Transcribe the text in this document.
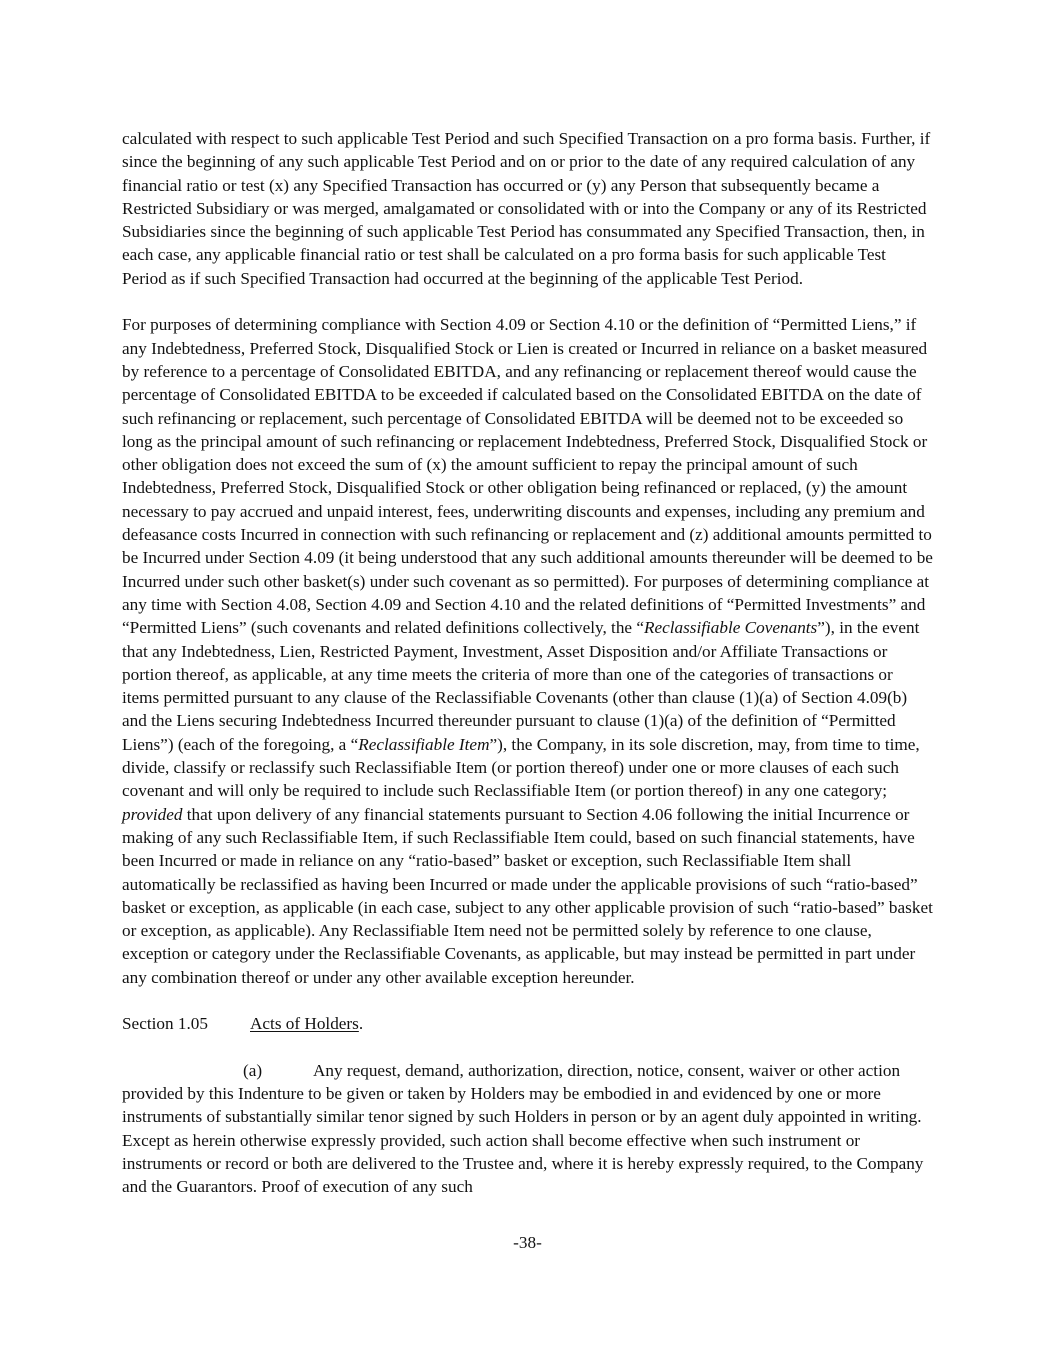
calculated with respect to such applicable Test Period and such Specified Transaction on a pro forma basis. Further, if since the beginning of any such applicable Test Period and on or prior to the date of any required calculation of any financial ratio or test (x) any Specified Transaction has occurred or (y) any Person that subsequently became a Restricted Subsidiary or was merged, amalgamated or consolidated with or into the Company or any of its Restricted Subsidiaries since the beginning of such applicable Test Period has consummated any Specified Transaction, then, in each case, any applicable financial ratio or test shall be calculated on a pro forma basis for such applicable Test Period as if such Specified Transaction had occurred at the beginning of the applicable Test Period.

For purposes of determining compliance with Section 4.09 or Section 4.10 or the definition of “Permitted Liens,” if any Indebtedness, Preferred Stock, Disqualified Stock or Lien is created or Incurred in reliance on a basket measured by reference to a percentage of Consolidated EBITDA, and any refinancing or replacement thereof would cause the percentage of Consolidated EBITDA to be exceeded if calculated based on the Consolidated EBITDA on the date of such refinancing or replacement, such percentage of Consolidated EBITDA will be deemed not to be exceeded so long as the principal amount of such refinancing or replacement Indebtedness, Preferred Stock, Disqualified Stock or other obligation does not exceed the sum of (x) the amount sufficient to repay the principal amount of such Indebtedness, Preferred Stock, Disqualified Stock or other obligation being refinanced or replaced, (y) the amount necessary to pay accrued and unpaid interest, fees, underwriting discounts and expenses, including any premium and defeasance costs Incurred in connection with such refinancing or replacement and (z) additional amounts permitted to be Incurred under Section 4.09 (it being understood that any such additional amounts thereunder will be deemed to be Incurred under such other basket(s) under such covenant as so permitted). For purposes of determining compliance at any time with Section 4.08, Section 4.09 and Section 4.10 and the related definitions of “Permitted Investments” and “Permitted Liens” (such covenants and related definitions collectively, the “Reclassifiable Covenants”), in the event that any Indebtedness, Lien, Restricted Payment, Investment, Asset Disposition and/or Affiliate Transactions or portion thereof, as applicable, at any time meets the criteria of more than one of the categories of transactions or items permitted pursuant to any clause of the Reclassifiable Covenants (other than clause (1)(a) of Section 4.09(b) and the Liens securing Indebtedness Incurred thereunder pursuant to clause (1)(a) of the definition of “Permitted Liens”) (each of the foregoing, a “Reclassifiable Item”), the Company, in its sole discretion, may, from time to time, divide, classify or reclassify such Reclassifiable Item (or portion thereof) under one or more clauses of each such covenant and will only be required to include such Reclassifiable Item (or portion thereof) in any one category; provided that upon delivery of any financial statements pursuant to Section 4.06 following the initial Incurrence or making of any such Reclassifiable Item, if such Reclassifiable Item could, based on such financial statements, have been Incurred or made in reliance on any “ratio-based” basket or exception, such Reclassifiable Item shall automatically be reclassified as having been Incurred or made under the applicable provisions of such “ratio-based” basket or exception, as applicable (in each case, subject to any other applicable provision of such “ratio-based” basket or exception, as applicable). Any Reclassifiable Item need not be permitted solely by reference to one clause, exception or category under the Reclassifiable Covenants, as applicable, but may instead be permitted in part under any combination thereof or under any other available exception hereunder.

Section 1.05 Acts of Holders.

(a)	Any request, demand, authorization, direction, notice, consent, waiver or other action provided by this Indenture to be given or taken by Holders may be embodied in and evidenced by one or more instruments of substantially similar tenor signed by such Holders in person or by an agent duly appointed in writing. Except as herein otherwise expressly provided, such action shall become effective when such instrument or instruments or record or both are delivered to the Trustee and, where it is hereby expressly required, to the Company and the Guarantors. Proof of execution of any such

-38-
